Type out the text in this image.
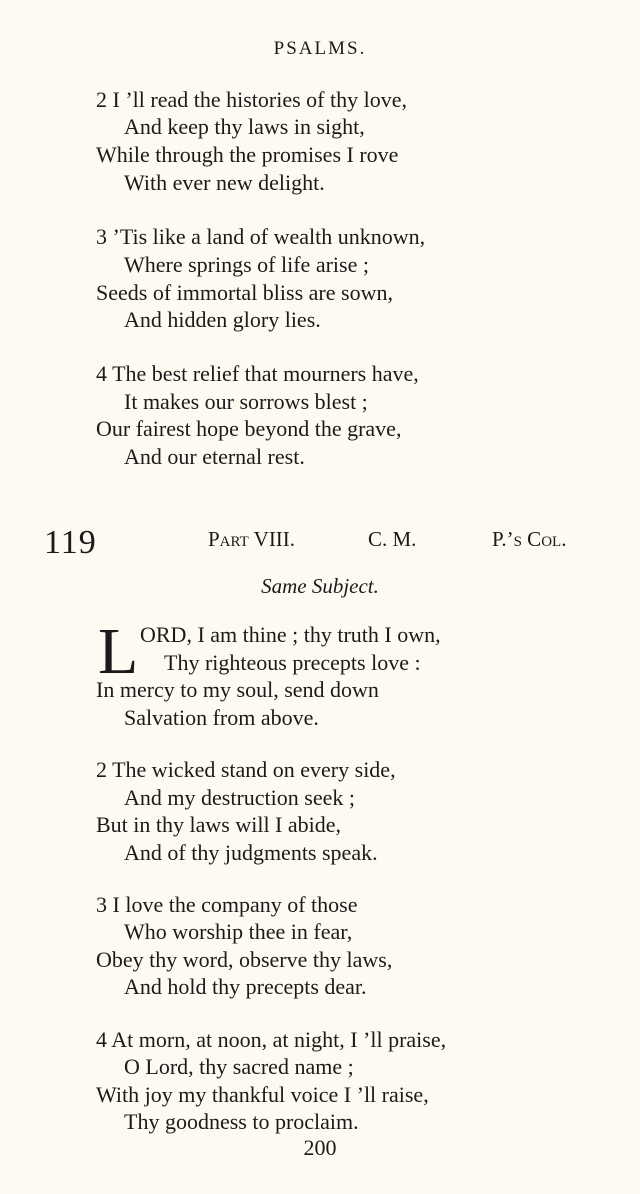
PSALMS.
2 I ’ll read the histories of thy love,
And keep thy laws in sight,
While through the promises I rove
With ever new delight.
3 ’Tis like a land of wealth unknown,
Where springs of life arise ;
Seeds of immortal bliss are sown,
And hidden glory lies.
4 The best relief that mourners have,
It makes our sorrows blest ;
Our fairest hope beyond the grave,
And our eternal rest.
119	Part VIII.	C. M.	P.’s Col.
Same Subject.
L ORD, I am thine ; thy truth I own,
Thy righteous precepts love :
In mercy to my soul, send down
Salvation from above.
2 The wicked stand on every side,
And my destruction seek ;
But in thy laws will I abide,
And of thy judgments speak.
3 I love the company of those
Who worship thee in fear,
Obey thy word, observe thy laws,
And hold thy precepts dear.
4 At morn, at noon, at night, I ’ll praise,
O Lord, thy sacred name ;
With joy my thankful voice I ’ll raise,
Thy goodness to proclaim.
200
